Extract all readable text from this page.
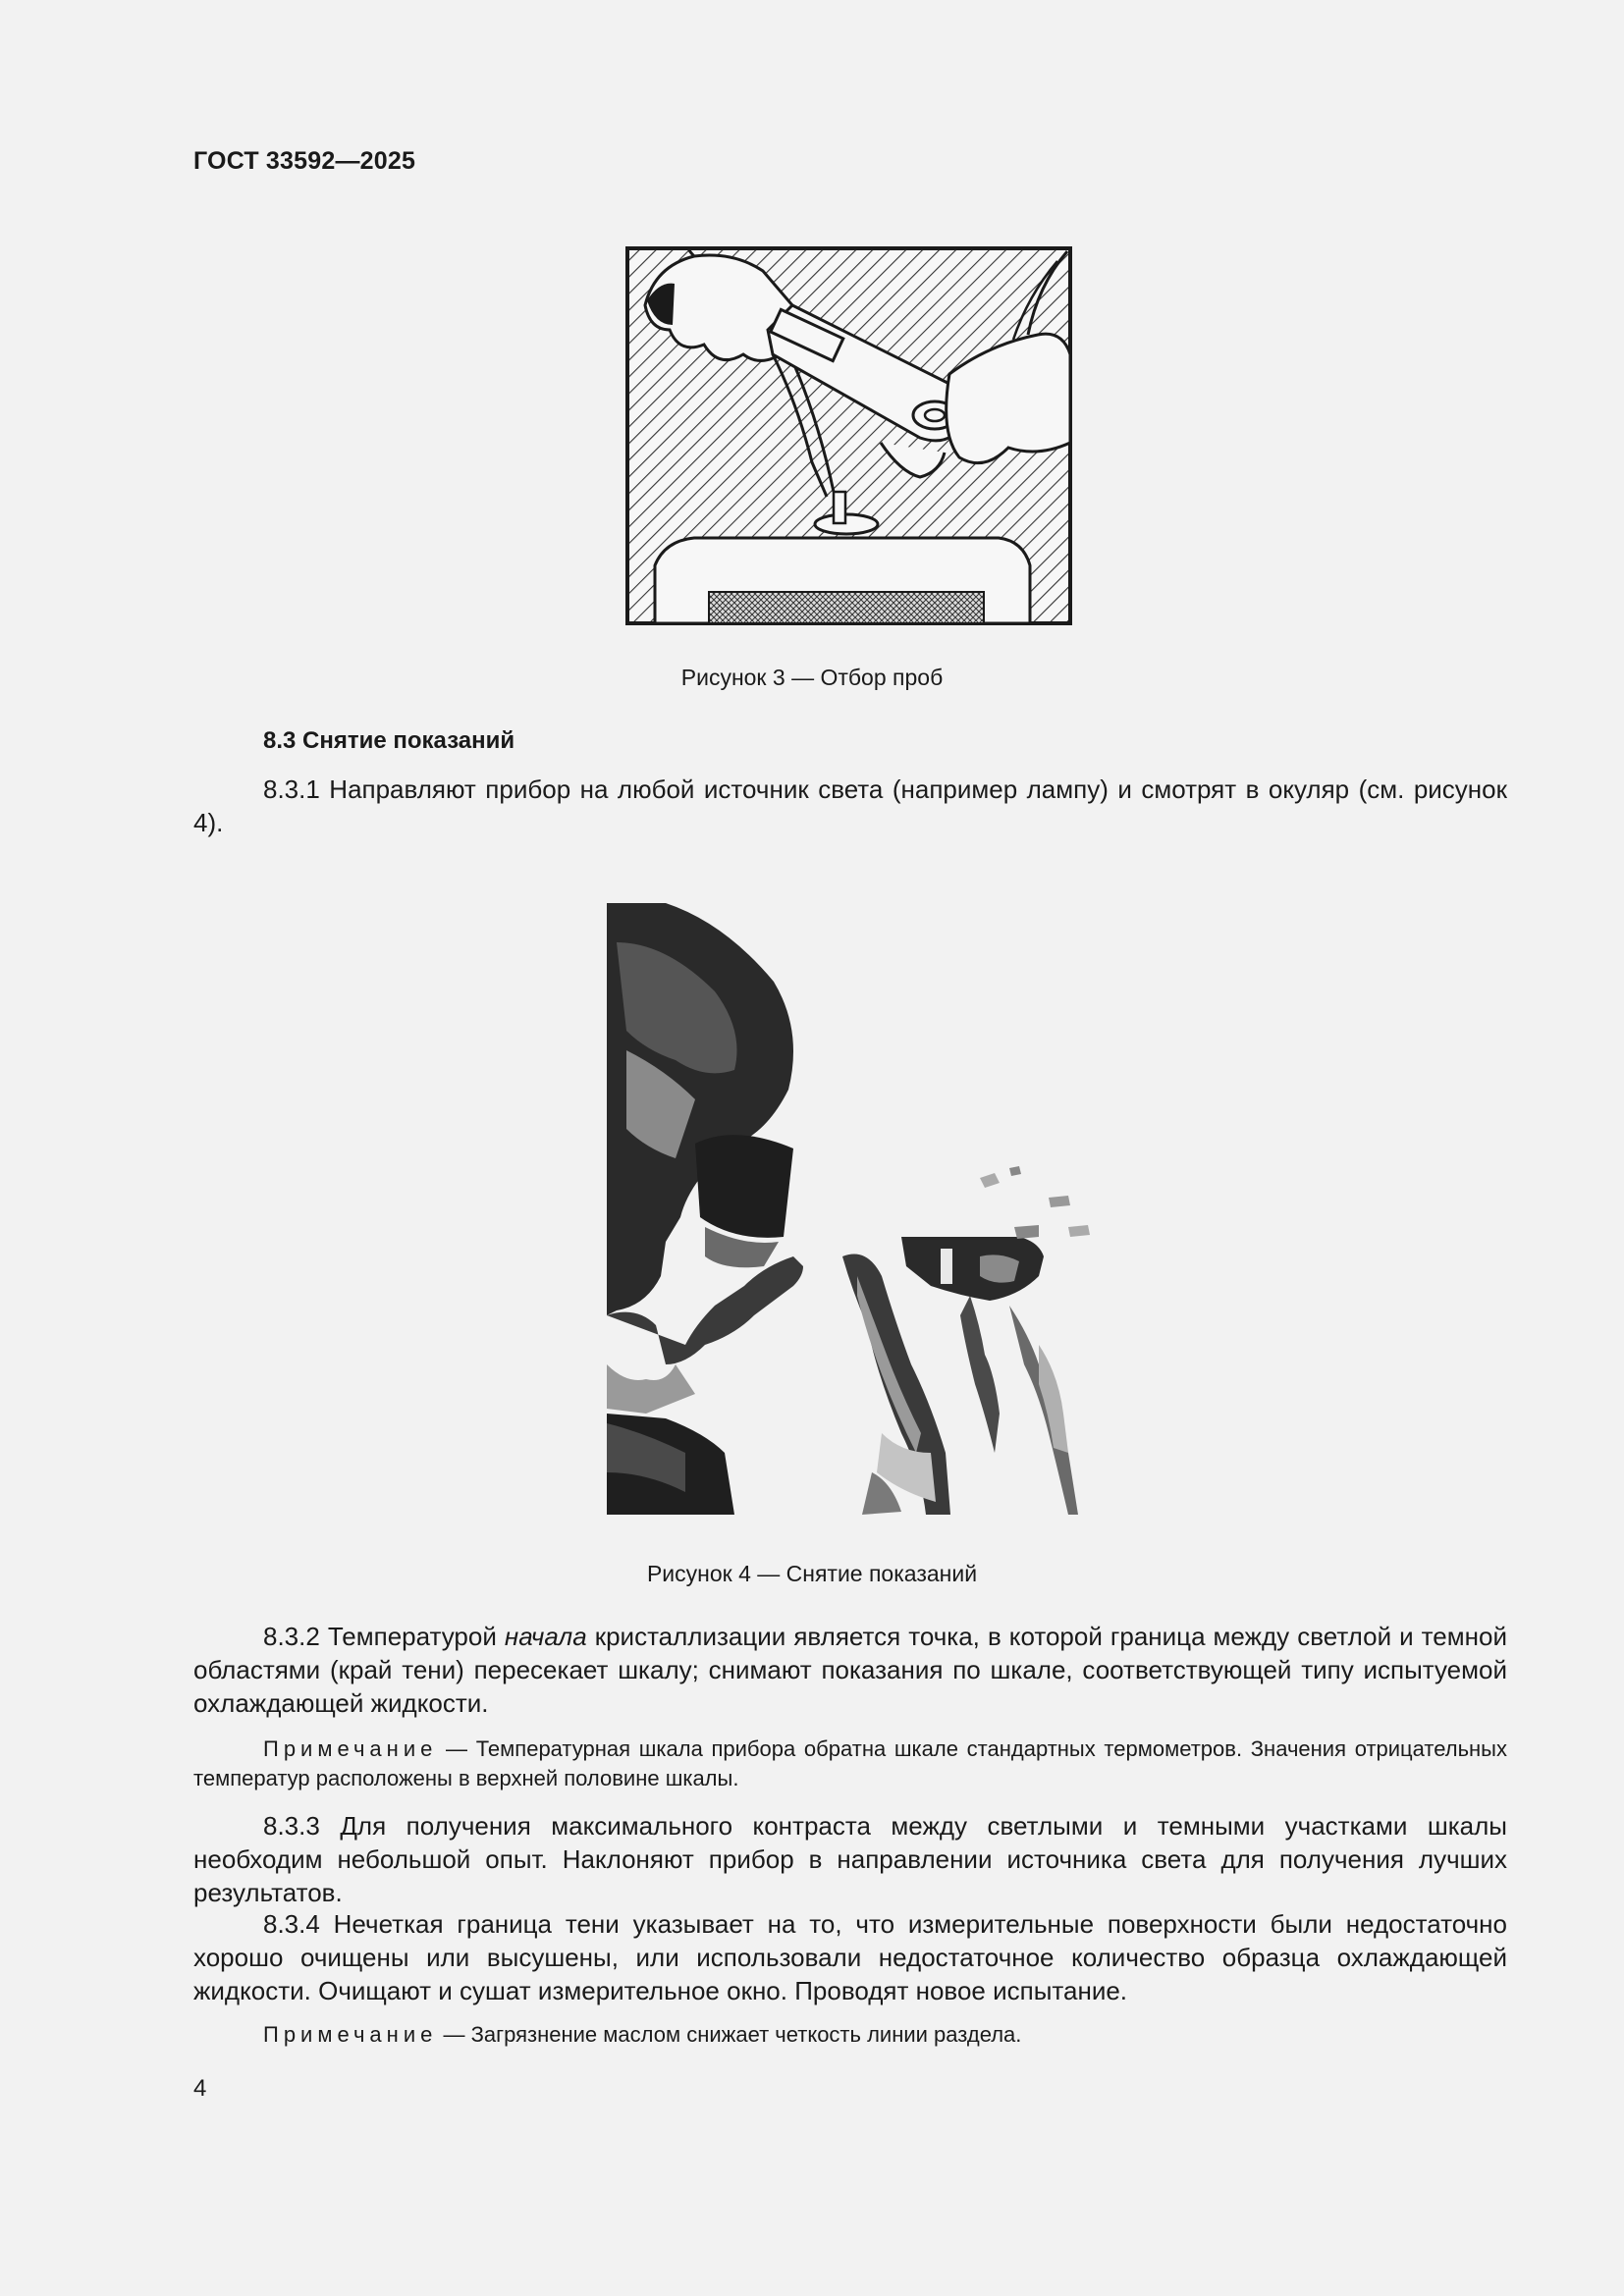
ГОСТ 33592—2025
Рисунок 3 — Отбор проб
8.3 Снятие показаний
8.3.1 Направляют прибор на любой источник света (например лампу) и смотрят в окуляр (см. рисунок 4).
Рисунок 4 — Снятие показаний
8.3.2 Температурой начала кристаллизации является точка, в которой граница между светлой и темной областями (край тени) пересекает шкалу; снимают показания по шкале, соответствующей типу испытуемой охлаждающей жидкости.
Примечание — Температурная шкала прибора обратна шкале стандартных термометров. Значения отрицательных температур расположены в верхней половине шкалы.
8.3.3 Для получения максимального контраста между светлыми и темными участками шкалы необходим небольшой опыт. Наклоняют прибор в направлении источника света для получения лучших результатов.
8.3.4 Нечеткая граница тени указывает на то, что измерительные поверхности были недостаточно хорошо очищены или высушены, или использовали недостаточное количество образца охлаждающей жидкости. Очищают и сушат измерительное окно. Проводят новое испытание.
Примечание — Загрязнение маслом снижает четкость линии раздела.
4
